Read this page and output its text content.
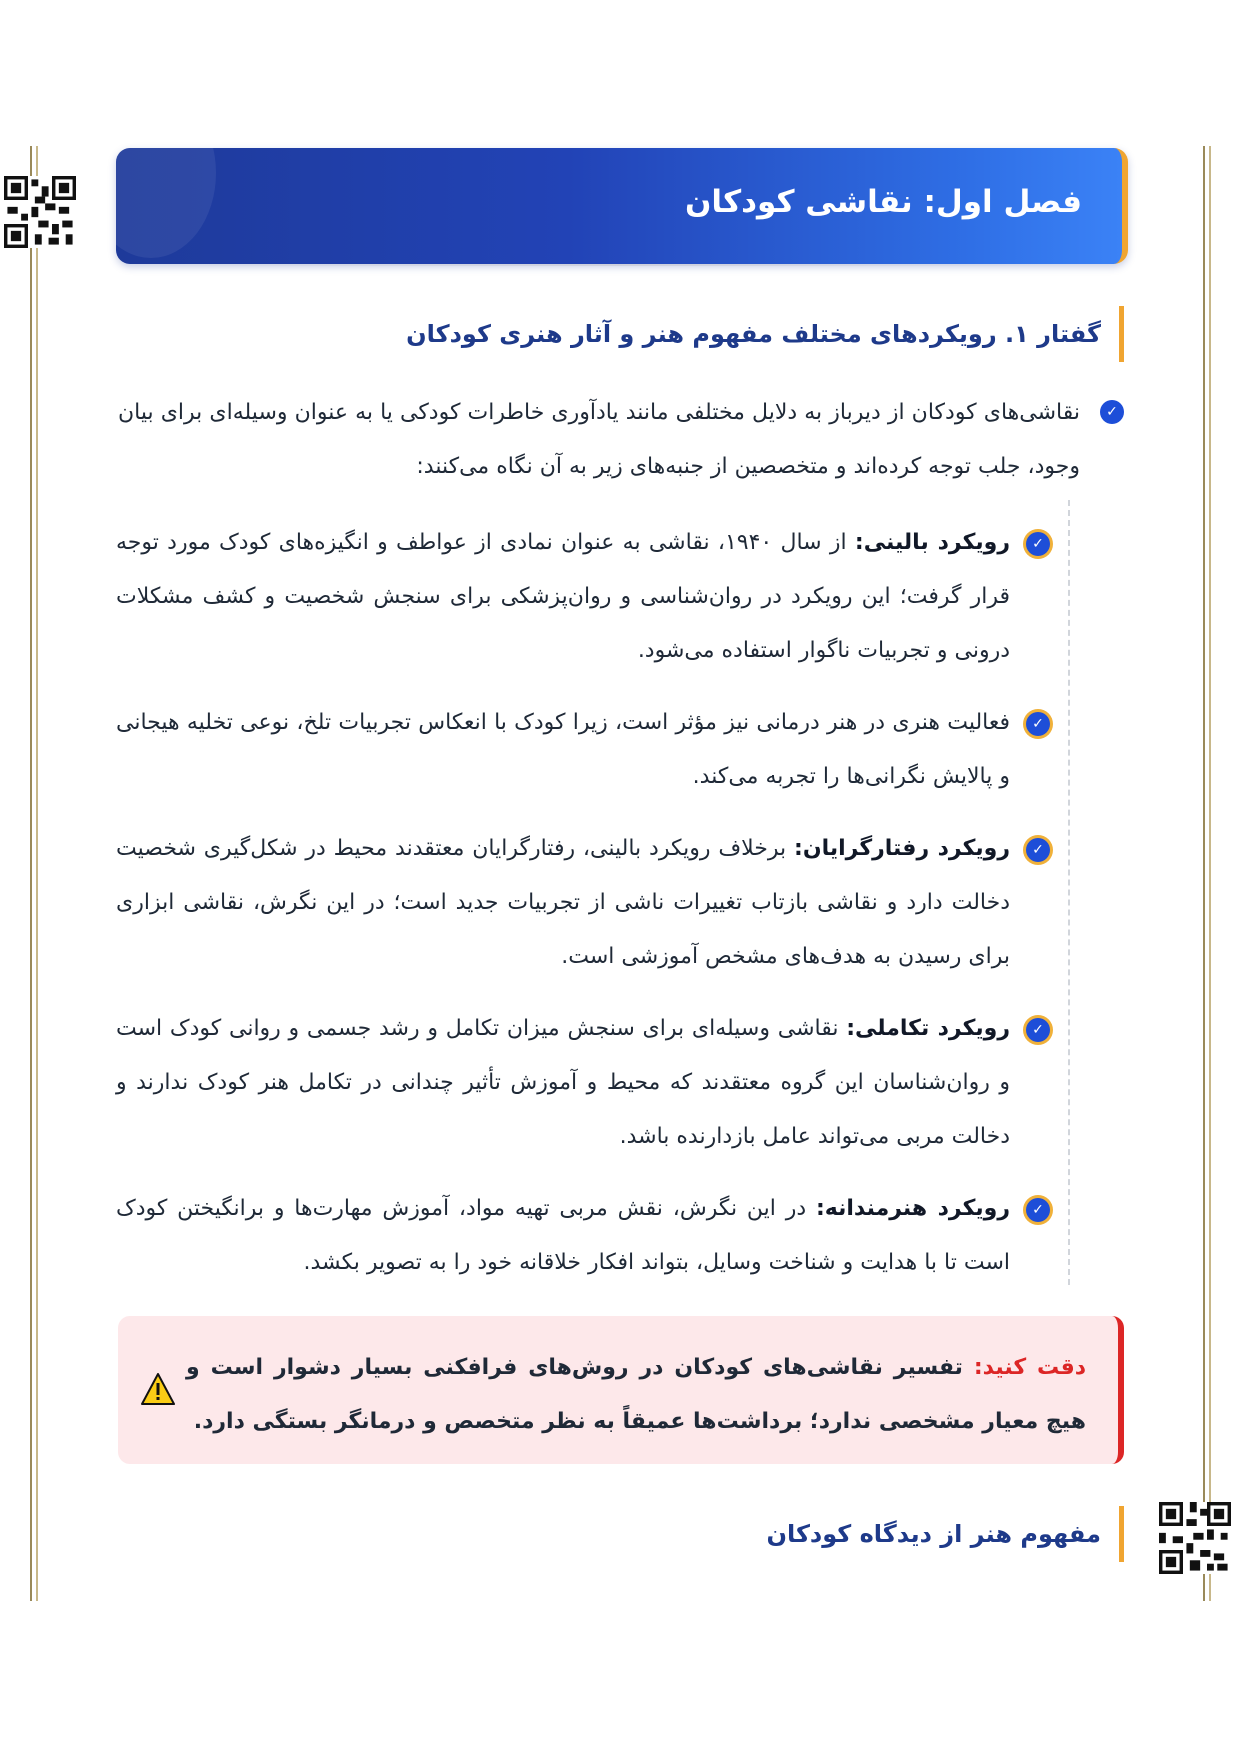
فصل اول: نقاشی کودکان
گفتار ۱. رویکردهای مختلف مفهوم هنر و آثار هنری کودکان
✓
نقاشی‌های کودکان از دیرباز به دلایل مختلفی مانند یادآوری خاطرات کودکی یا به عنوان وسیله‌ای برای بیان وجود، جلب توجه کرده‌اند و متخصصین از جنبه‌های زیر به آن نگاه می‌کنند:
✓
رویکرد بالینی: از سال ۱۹۴۰، نقاشی به عنوان نمادی از عواطف و انگیزه‌های کودک مورد توجه قرار گرفت؛ این رویکرد در روان‌شناسی و روان‌پزشکی برای سنجش شخصیت و کشف مشکلات درونی و تجربیات ناگوار استفاده می‌شود.
✓
فعالیت هنری در هنر درمانی نیز مؤثر است، زیرا کودک با انعکاس تجربیات تلخ، نوعی تخلیه هیجانی و پالایش نگرانی‌ها را تجربه می‌کند.
✓
رویکرد رفتارگرایان: برخلاف رویکرد بالینی، رفتارگرایان معتقدند محیط در شکل‌گیری شخصیت دخالت دارد و نقاشی بازتاب تغییرات ناشی از تجربیات جدید است؛ در این نگرش، نقاشی ابزاری برای رسیدن به هدف‌های مشخص آموزشی است.
✓
رویکرد تکاملی: نقاشی وسیله‌ای برای سنجش میزان تکامل و رشد جسمی و روانی کودک است و روان‌شناسان این گروه معتقدند که محیط و آموزش تأثیر چندانی در تکامل هنر کودک ندارند و دخالت مربی می‌تواند عامل بازدارنده باشد.
✓
رویکرد هنرمندانه: در این نگرش، نقش مربی تهیه مواد، آموزش مهارت‌ها و برانگیختن کودک است تا با هدایت و شناخت وسایل، بتواند افکار خلاقانه خود را به تصویر بکشد.
دقت کنید: تفسیر نقاشی‌های کودکان در روش‌های فرافکنی بسیار دشوار است و هیچ معیار مشخصی ندارد؛ برداشت‌ها عمیقاً به نظر متخصص و درمانگر بستگی دارد.
مفهوم هنر از دیدگاه کودکان
